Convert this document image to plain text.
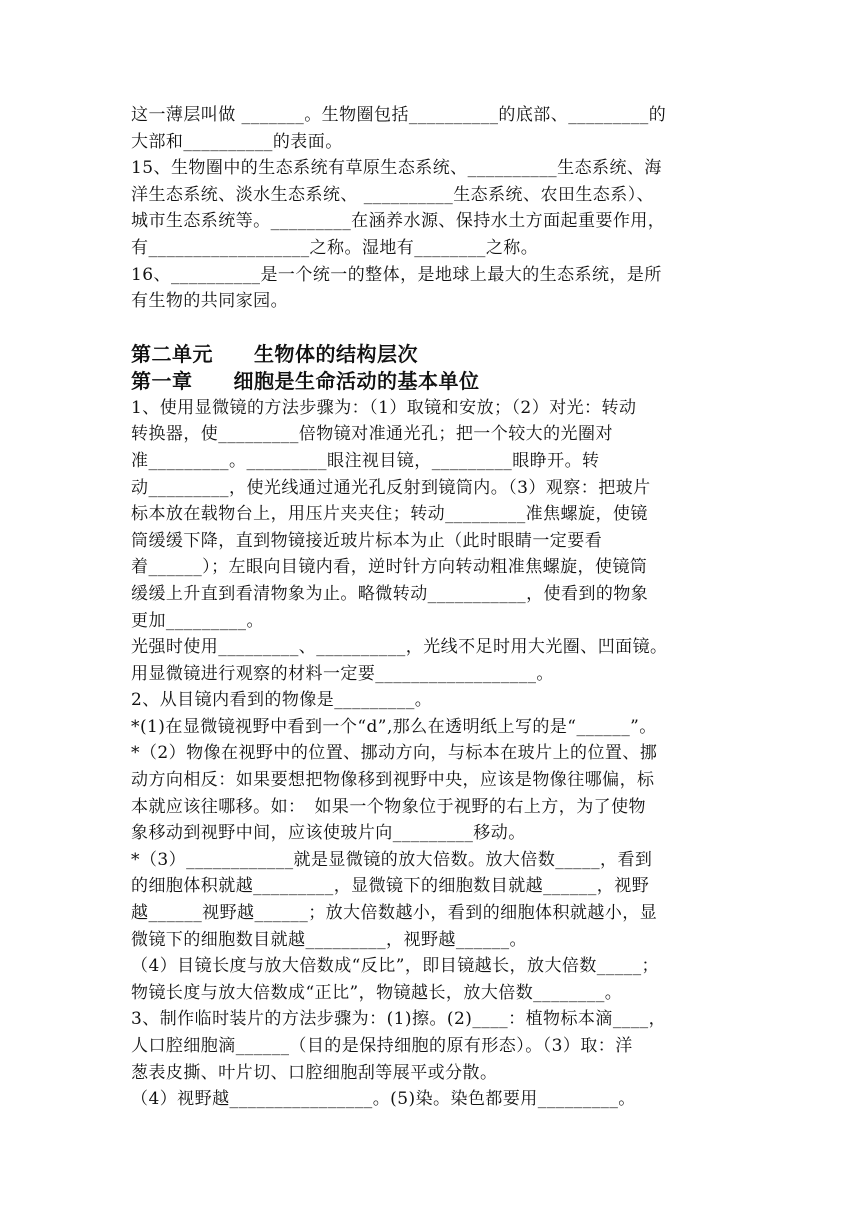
这一薄层叫做 _______。生物圈包括__________的底部、_________的
大部和__________的表面。
15、生物圈中的生态系统有草原生态系统、__________生态系统、海
洋生态系统、淡水生态系统、 __________生态系统、农田生态系）、
城市生态系统等。_________在涵养水源、保持水土方面起重要作用，
有__________________之称。湿地有________之称。
16、__________是一个统一的整体，是地球上最大的生态系统，是所
有生物的共同家园。
第二单元　　生物体的结构层次
第一章　　细胞是生命活动的基本单位
1、使用显微镜的方法步骤为：（1）取镜和安放；（2）对光：转动
转换器，使_________倍物镜对准通光孔；把一个较大的光圈对
准_________。_________眼注视目镜，_________眼睁开。转
动_________，使光线通过通光孔反射到镜筒内。（3）观察：把玻片
标本放在载物台上，用压片夹夹住；转动_________准焦螺旋，使镜
筒缓缓下降，直到物镜接近玻片标本为止（此时眼睛一定要看
着______）；左眼向目镜内看，逆时针方向转动粗准焦螺旋，使镜筒
缓缓上升直到看清物象为止。略微转动___________，使看到的物象
更加_________。
光强时使用_________、__________，光线不足时用大光圈、凹面镜。
用显微镜进行观察的材料一定要__________________。
2、从目镜内看到的物像是_________。
*(1)在显微镜视野中看到一个“d”,那么在透明纸上写的是“______”。
*（2）物像在视野中的位置、挪动方向，与标本在玻片上的位置、挪
动方向相反：如果要想把物像移到视野中央，应该是物像往哪偏，标
本就应该往哪移。如：　如果一个物象位于视野的右上方，为了使物
象移动到视野中间，应该使玻片向_________移动。
*（3）____________就是显微镜的放大倍数。放大倍数_____，看到
的细胞体积就越_________，显微镜下的细胞数目就越______，视野
越______视野越______；放大倍数越小，看到的细胞体积就越小，显
微镜下的细胞数目就越_________，视野越______。
（4）目镜长度与放大倍数成“反比”，即目镜越长，放大倍数_____；
物镜长度与放大倍数成“正比”，物镜越长，放大倍数________。
3、制作临时装片的方法步骤为：(1)擦。(2)____：植物标本滴____，
人口腔细胞滴______（目的是保持细胞的原有形态）。（3）取：洋
葱表皮撕、叶片切、口腔细胞刮等展平或分散。
（4）视野越________________。(5)染。染色都要用_________。
